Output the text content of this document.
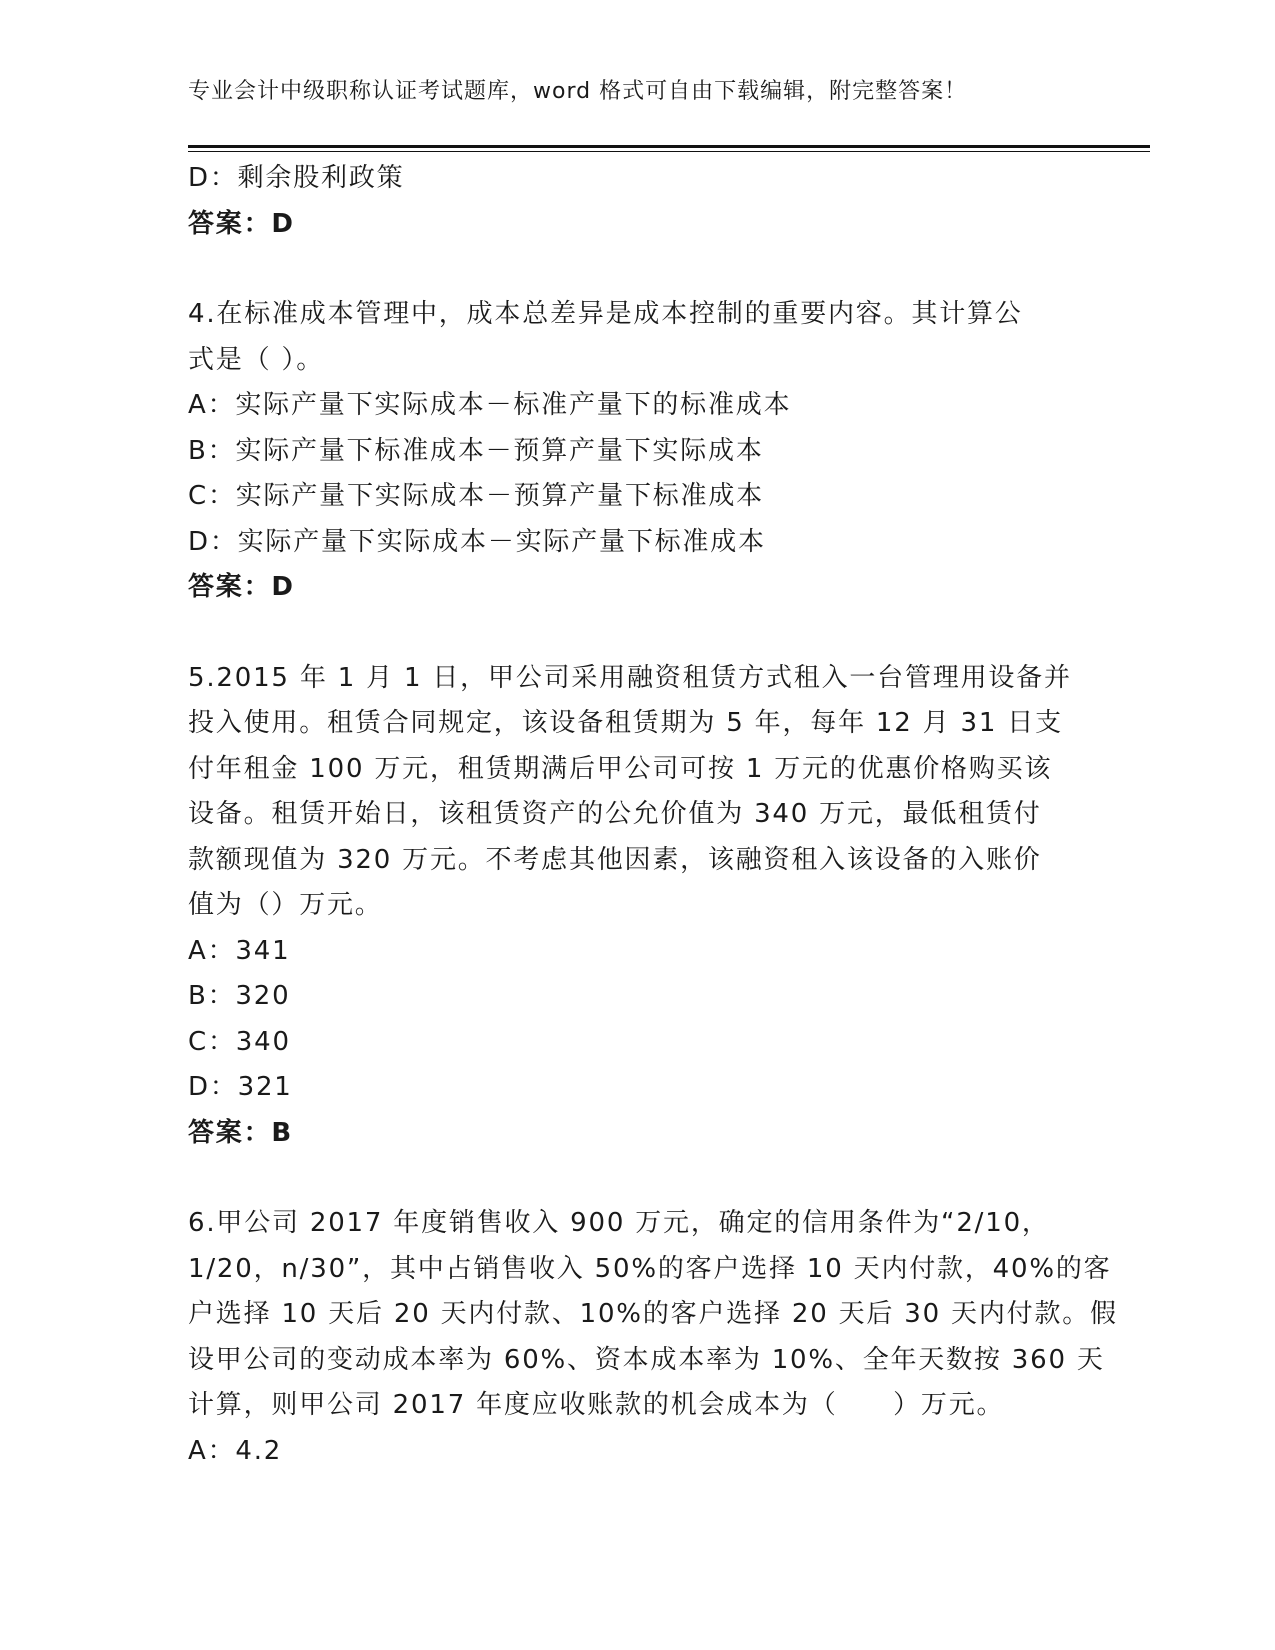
专业会计中级职称认证考试题库，word 格式可自由下载编辑，附完整答案！
D：剩余股利政策
答案：D
4.在标准成本管理中，成本总差异是成本控制的重要内容。其计算公
式是（ ）。
A：实际产量下实际成本－标准产量下的标准成本
B：实际产量下标准成本－预算产量下实际成本
C：实际产量下实际成本－预算产量下标准成本
D：实际产量下实际成本－实际产量下标准成本
答案：D
5.2015 年 1 月 1 日，甲公司采用融资租赁方式租入一台管理用设备并
投入使用。租赁合同规定，该设备租赁期为 5 年，每年 12 月 31 日支
付年租金 100 万元，租赁期满后甲公司可按 1 万元的优惠价格购买该
设备。租赁开始日，该租赁资产的公允价值为 340 万元，最低租赁付
款额现值为 320 万元。不考虑其他因素，该融资租入该设备的入账价
值为（）万元。
A：341
B：320
C：340
D：321
答案：B
6.甲公司 2017 年度销售收入 900 万元，确定的信用条件为“2/10，
1/20，n/30”，其中占销售收入 50%的客户选择 10 天内付款，40%的客
户选择 10 天后 20 天内付款、10%的客户选择 20 天后 30 天内付款。假
设甲公司的变动成本率为 60%、资本成本率为 10%、全年天数按 360 天
计算，则甲公司 2017 年度应收账款的机会成本为（　　）万元。
A：4.2
